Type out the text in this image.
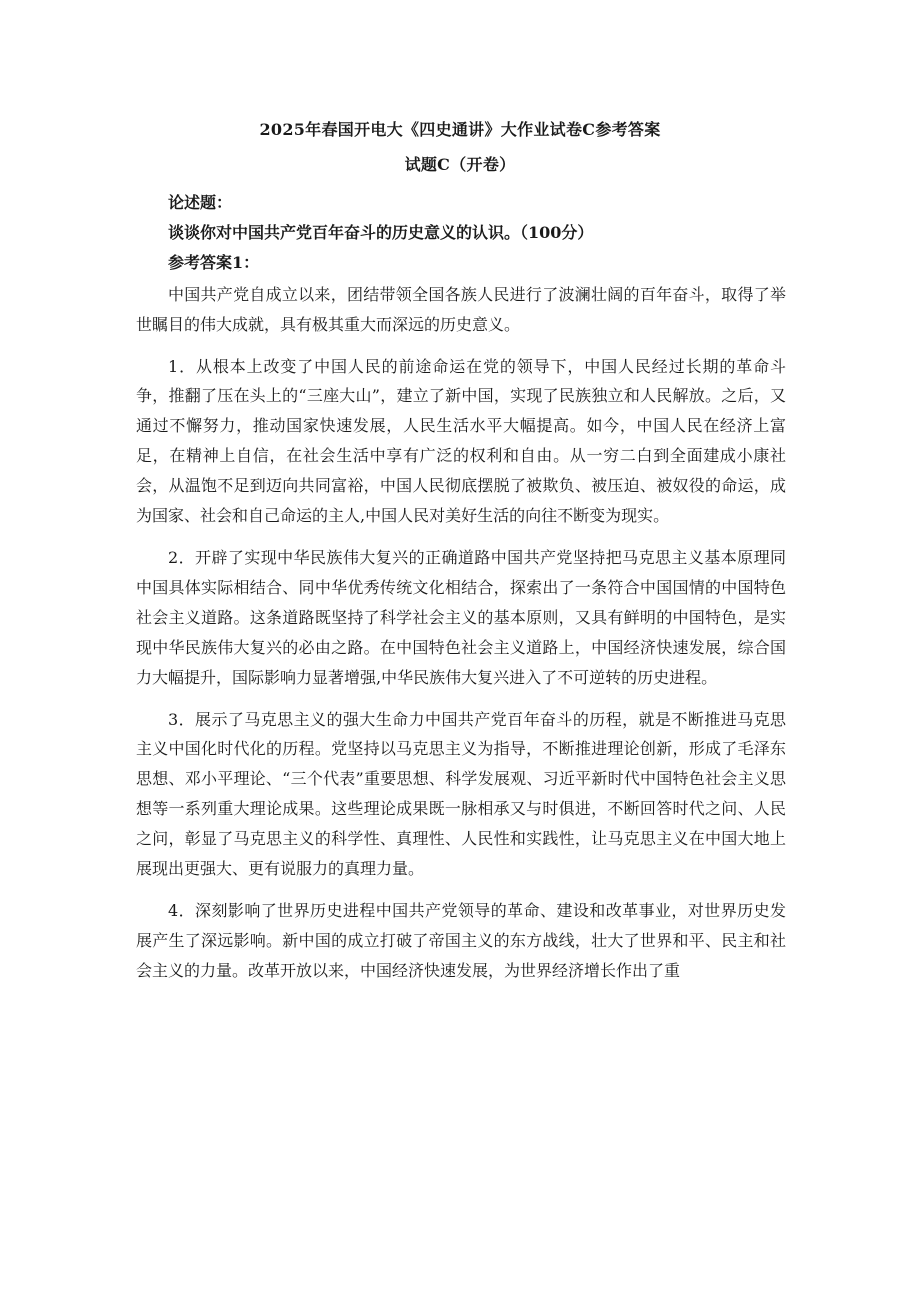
2025年春国开电大《四史通讲》大作业试卷C参考答案
试题C（开卷）

论述题：

谈谈你对中国共产党百年奋斗的历史意义的认识。（100分）

参考答案1：

中国共产党自成立以来，团结带领全国各族人民进行了波澜壮阔的百年奋斗，取得了举世瞩目的伟大成就，具有极其重大而深远的历史意义。

1．从根本上改变了中国人民的前途命运在党的领导下，中国人民经过长期的革命斗争，推翻了压在头上的“三座大山”，建立了新中国，实现了民族独立和人民解放。之后，又通过不懈努力，推动国家快速发展，人民生活水平大幅提高。如今，中国人民在经济上富足，在精神上自信，在社会生活中享有广泛的权利和自由。从一穷二白到全面建成小康社会，从温饱不足到迈向共同富裕，中国人民彻底摆脱了被欺负、被压迫、被奴役的命运，成为国家、社会和自己命运的主人,中国人民对美好生活的向往不断变为现实。

2．开辟了实现中华民族伟大复兴的正确道路中国共产党坚持把马克思主义基本原理同中国具体实际相结合、同中华优秀传统文化相结合，探索出了一条符合中国国情的中国特色社会主义道路。这条道路既坚持了科学社会主义的基本原则，又具有鲜明的中国特色，是实现中华民族伟大复兴的必由之路。在中国特色社会主义道路上，中国经济快速发展，综合国力大幅提升，国际影响力显著增强,中华民族伟大复兴进入了不可逆转的历史进程。

3．展示了马克思主义的强大生命力中国共产党百年奋斗的历程，就是不断推进马克思主义中国化时代化的历程。党坚持以马克思主义为指导，不断推进理论创新，形成了毛泽东思想、邓小平理论、“三个代表”重要思想、科学发展观、习近平新时代中国特色社会主义思想等一系列重大理论成果。这些理论成果既一脉相承又与时俱进，不断回答时代之问、人民之问，彰显了马克思主义的科学性、真理性、人民性和实践性，让马克思主义在中国大地上展现出更强大、更有说服力的真理力量。

4．深刻影响了世界历史进程中国共产党领导的革命、建设和改革事业，对世界历史发展产生了深远影响。新中国的成立打破了帝国主义的东方战线，壮大了世界和平、民主和社会主义的力量。改革开放以来，中国经济快速发展，为世界经济增长作出了重
